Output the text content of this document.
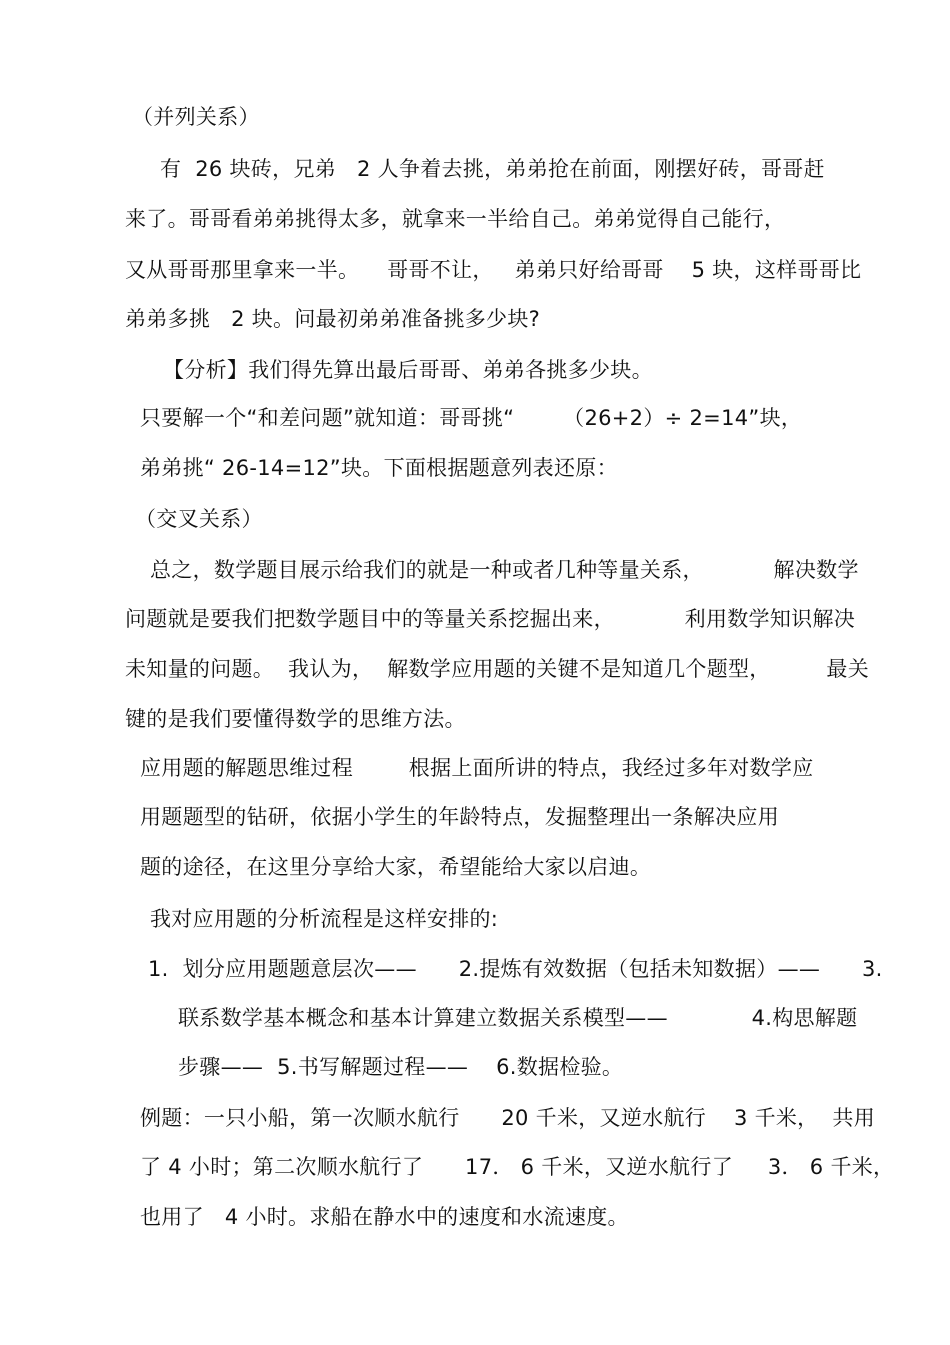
（并列关系）
有  26 块砖，兄弟   2 人争着去挑，弟弟抢在前面，刚摆好砖，哥哥赶
来了。哥哥看弟弟挑得太多，就拿来一半给自己。弟弟觉得自己能行，
又从哥哥那里拿来一半。    哥哥不让，   弟弟只好给哥哥    5 块，这样哥哥比
弟弟多挑   2 块。问最初弟弟准备挑多少块?
【分析】我们得先算出最后哥哥、弟弟各挑多少块。
只要解一个“和差问题”就知道：哥哥挑“       （26+2）÷ 2=14”块，
弟弟挑“ 26-14=12”块。下面根据题意列表还原：
（交叉关系）
总之，数学题目展示给我们的就是一种或者几种等量关系，          解决数学
问题就是要我们把数学题目中的等量关系挖掘出来，          利用数学知识解决
未知量的问题。  我认为，  解数学应用题的关键不是知道几个题型，        最关
键的是我们要懂得数学的思维方法。
应用题的解题思维过程        根据上面所讲的特点，我经过多年对数学应
用题题型的钻研，依据小学生的年龄特点，发掘整理出一条解决应用
题的途径，在这里分享给大家，希望能给大家以启迪。
我对应用题的分析流程是这样安排的:
1.  划分应用题题意层次——      2.提炼有效数据（包括未知数据）——      3.
联系数学基本概念和基本计算建立数据关系模型——            4.构思解题
步骤——  5.书写解题过程——    6.数据检验。
例题：一只小船，第一次顺水航行      20 千米，又逆水航行    3 千米，  共用
了 4 小时；第二次顺水航行了      17． 6 千米，又逆水航行了     3． 6 千米，
也用了   4 小时。求船在静水中的速度和水流速度。
